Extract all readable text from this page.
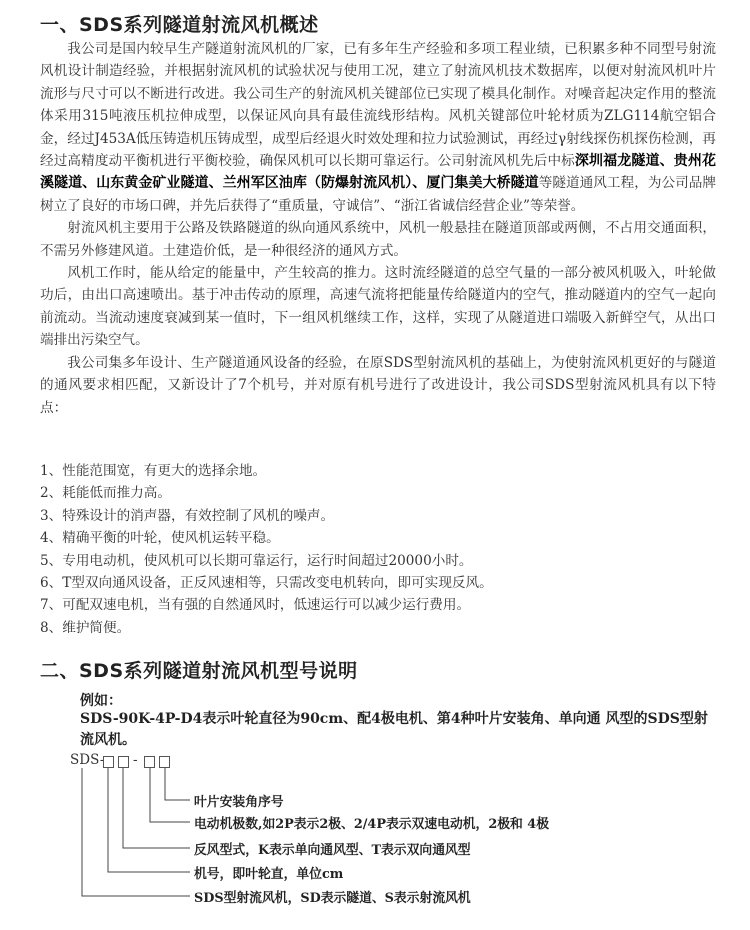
一、SDS系列隧道射流风机概述

我公司是国内较早生产隧道射流风机的厂家，已有多年生产经验和多项工程业绩，已积累多种不同型号射流风机设计制造经验，并根据射流风机的试验状况与使用工况，建立了射流风机技术数据库，以便对射流风机叶片流形与尺寸可以不断进行改进。我公司生产的射流风机关键部位已实现了模具化制作。对噪音起决定作用的整流体采用315吨液压机拉伸成型，以保证风向具有最佳流线形结构。风机关键部位叶轮材质为ZLG114航空铝合金，经过J453A低压铸造机压铸成型，成型后经退火时效处理和拉力试验测试，再经过γ射线探伤机探伤检测，再经过高精度动平衡机进行平衡校验，确保风机可以长期可靠运行。公司射流风机先后中标深圳福龙隧道、贵州花溪隧道、山东黄金矿业隧道、兰州军区油库（防爆射流风机）、厦门集美大桥隧道等隧道通风工程，为公司品牌树立了良好的市场口碑，并先后获得了“重质量，守诚信”、“浙江省诚信经营企业”等荣誉。

射流风机主要用于公路及铁路隧道的纵向通风系统中，风机一般悬挂在隧道顶部或两侧，不占用交通面积，不需另外修建风道。土建造价低，是一种很经济的通风方式。

风机工作时，能从给定的能量中，产生较高的推力。这时流经隧道的总空气量的一部分被风机吸入，叶轮做功后，由出口高速喷出。基于冲击传动的原理，高速气流将把能量传给隧道内的空气，推动隧道内的空气一起向前流动。当流动速度衰减到某一值时，下一组风机继续工作，这样，实现了从隧道进口端吸入新鲜空气，从出口端排出污染空气。

我公司集多年设计、生产隧道通风设备的经验，在原SDS型射流风机的基础上，为使射流风机更好的与隧道的通风要求相匹配，又新设计了7个机号，并对原有机号进行了改进设计，我公司SDS型射流风机具有以下特点：

1、性能范围宽，有更大的选择余地。
2、耗能低而推力高。
3、特殊设计的消声器，有效控制了风机的噪声。
4、精确平衡的叶轮，使风机运转平稳。
5、专用电动机，使风机可以长期可靠运行，运行时间超过20000小时。
6、T型双向通风设备，正反风速相等，只需改变电机转向，即可实现反风。
7、可配双速电机，当有强的自然通风时，低速运行可以减少运行费用。
8、维护简便。
二、SDS系列隧道射流风机型号说明
例如：
SDS-90K-4P-D4表示叶轮直径为90cm、配4极电机、第4种叶片安装角、单向通 风型的SDS型射流风机。
SDS- -
叶片安装角序号
电动机极数,如2P表示2极、2/4P表示双速电动机，2极和 4极
反风型式，K表示单向通风型、T表示双向通风型
机号，即叶轮直，单位cm
SDS型射流风机，SD表示隧道、S表示射流风机
